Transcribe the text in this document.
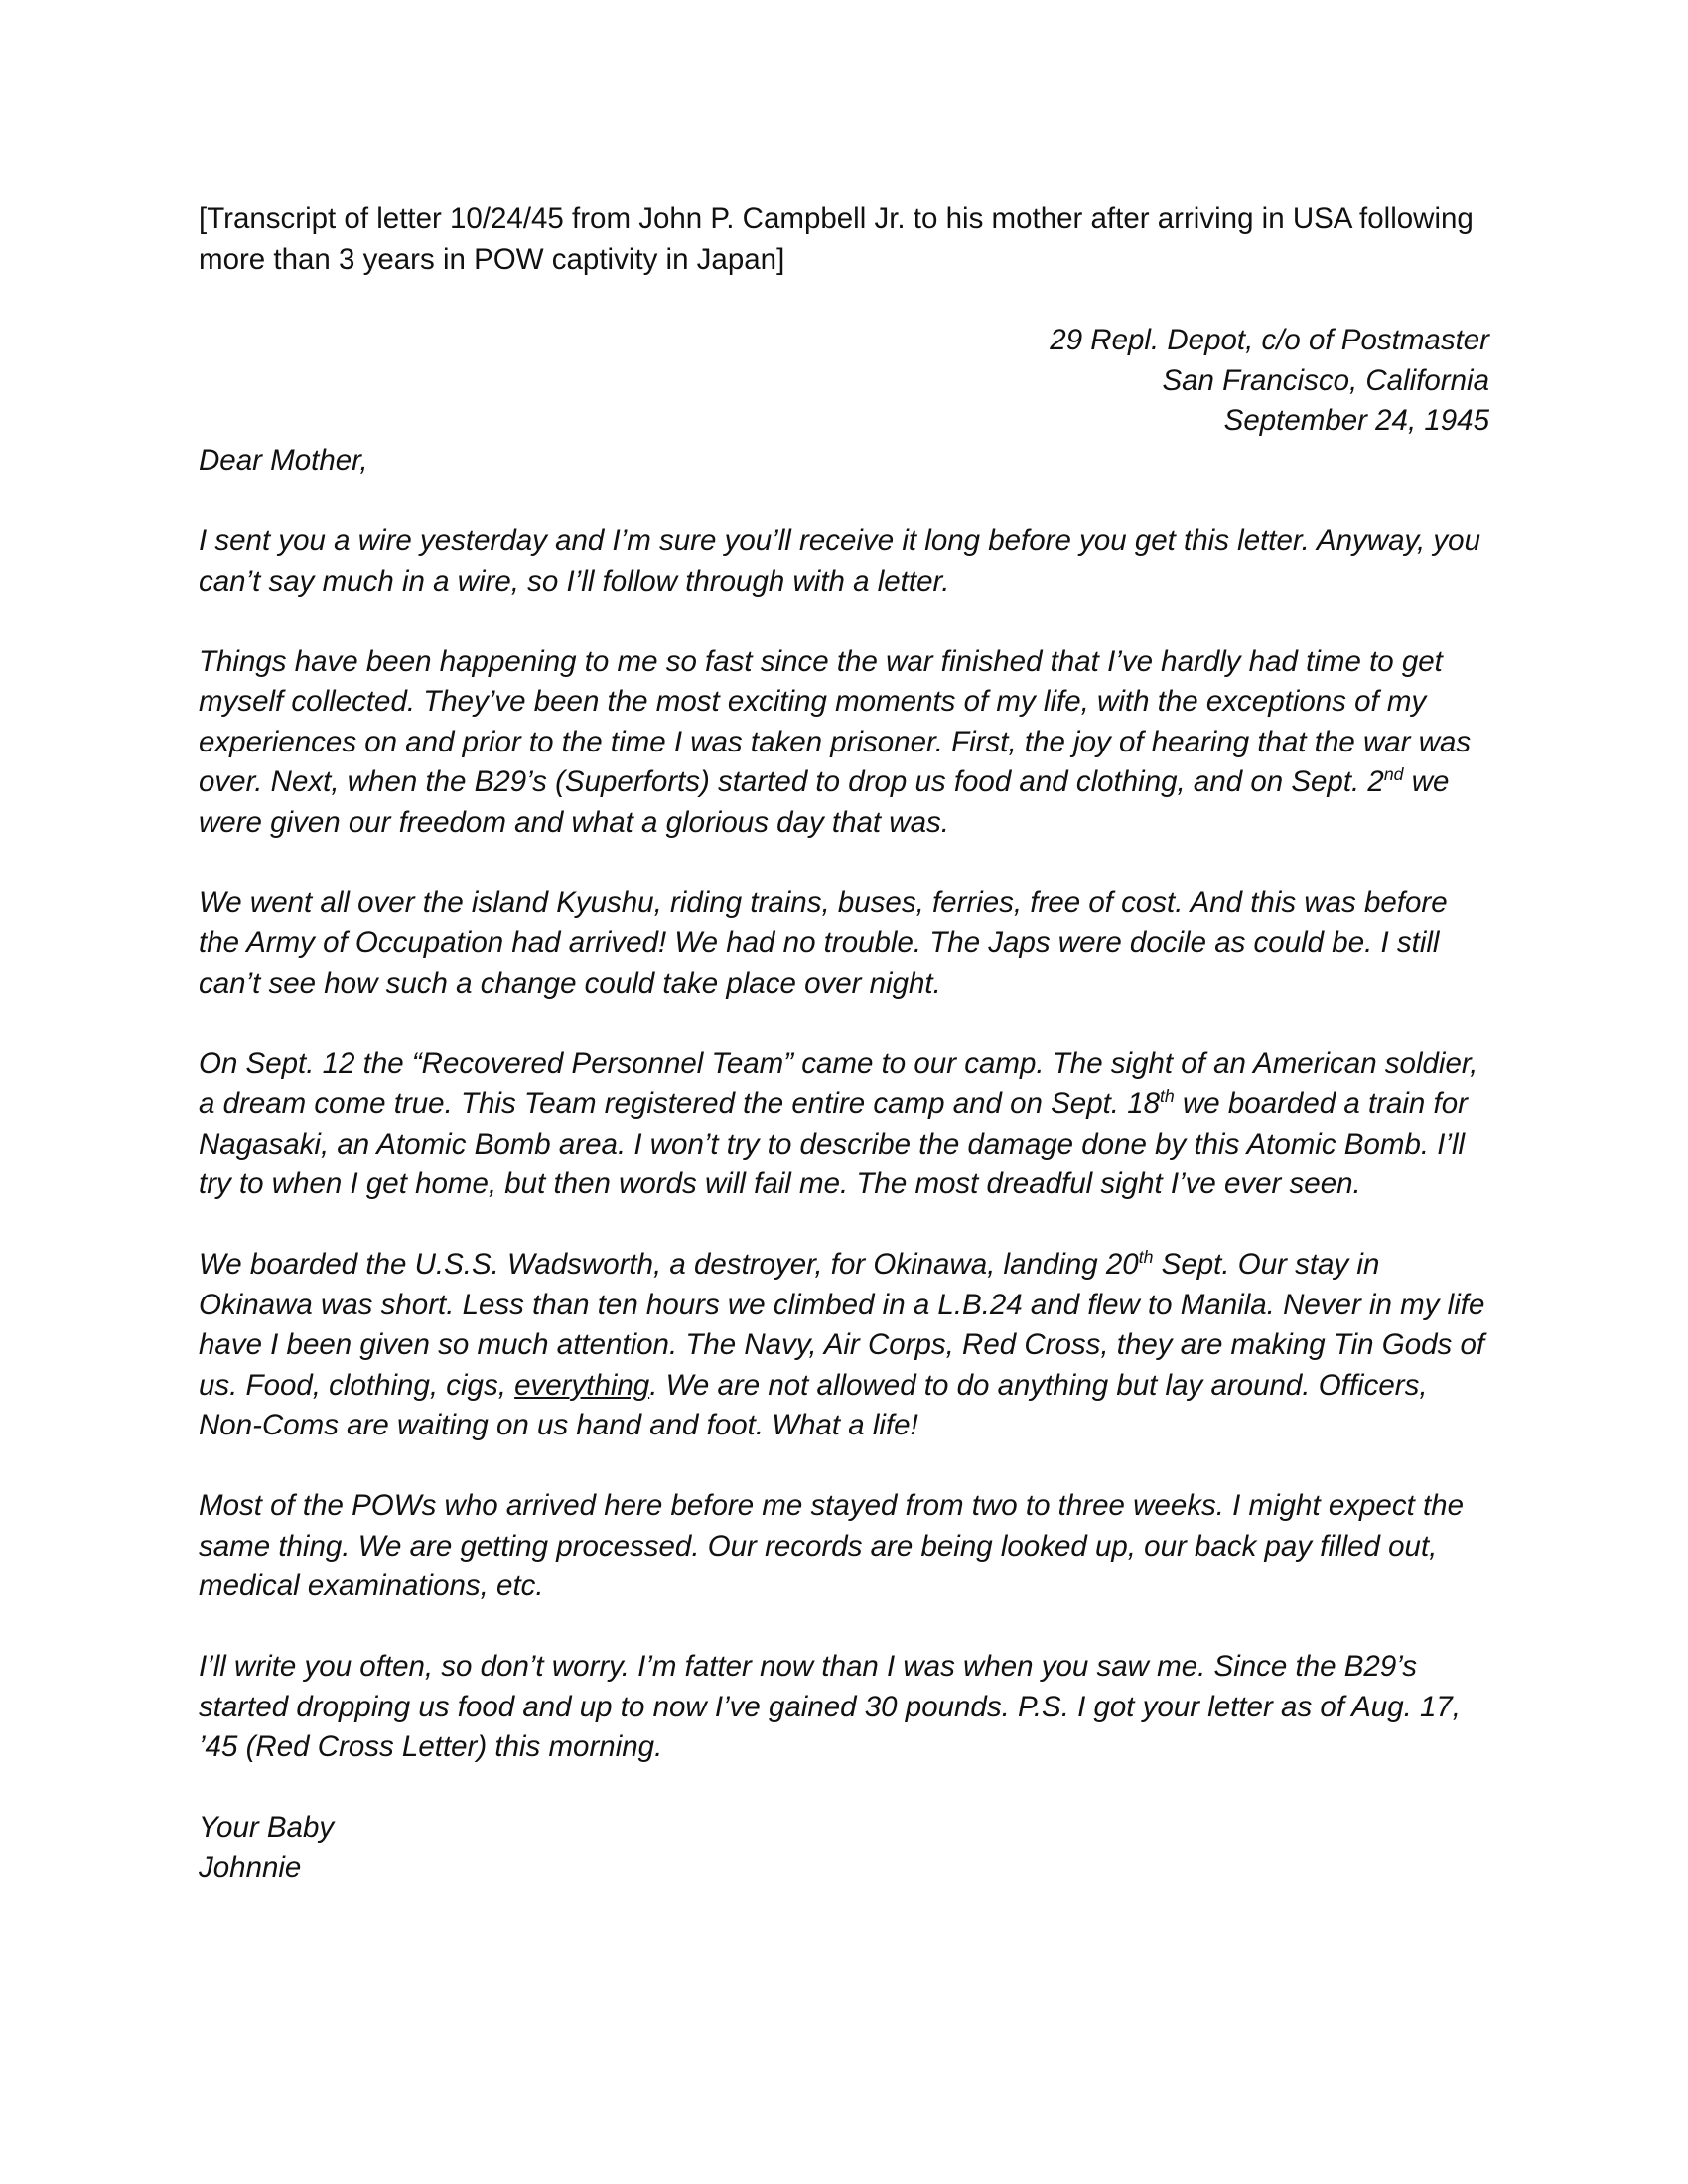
[Transcript of letter 10/24/45 from John P. Campbell Jr. to his mother after arriving in USA following more than 3 years in POW captivity in Japan]

29 Repl. Depot, c/o of Postmaster
San Francisco, California
September 24, 1945

Dear Mother,

I sent you a wire yesterday and I’m sure you’ll receive it long before you get this letter. Anyway, you can’t say much in a wire, so I’ll follow through with a letter.

Things have been happening to me so fast since the war finished that I’ve hardly had time to get myself collected. They’ve been the most exciting moments of my life, with the exceptions of my experiences on and prior to the time I was taken prisoner. First, the joy of hearing that the war was over. Next, when the B29’s (Superforts) started to drop us food and clothing, and on Sept. 2nd we were given our freedom and what a glorious day that was.

We went all over the island Kyushu, riding trains, buses, ferries, free of cost. And this was before the Army of Occupation had arrived! We had no trouble. The Japs were docile as could be. I still can’t see how such a change could take place over night.

On Sept. 12 the “Recovered Personnel Team” came to our camp. The sight of an American soldier, a dream come true. This Team registered the entire camp and on Sept. 18th we boarded a train for Nagasaki, an Atomic Bomb area. I won’t try to describe the damage done by this Atomic Bomb. I’ll try to when I get home, but then words will fail me. The most dreadful sight I’ve ever seen.

We boarded the U.S.S. Wadsworth, a destroyer, for Okinawa, landing 20th Sept. Our stay in Okinawa was short. Less than ten hours we climbed in a L.B.24 and flew to Manila. Never in my life have I been given so much attention. The Navy, Air Corps, Red Cross, they are making Tin Gods of us. Food, clothing, cigs, everything. We are not allowed to do anything but lay around. Officers, Non-Coms are waiting on us hand and foot. What a life!

Most of the POWs who arrived here before me stayed from two to three weeks. I might expect the same thing. We are getting processed. Our records are being looked up, our back pay filled out, medical examinations, etc.

I’ll write you often, so don’t worry. I’m fatter now than I was when you saw me. Since the B29’s started dropping us food and up to now I’ve gained 30 pounds. P.S. I got your letter as of Aug. 17, ’45 (Red Cross Letter) this morning.

Your Baby
Johnnie
